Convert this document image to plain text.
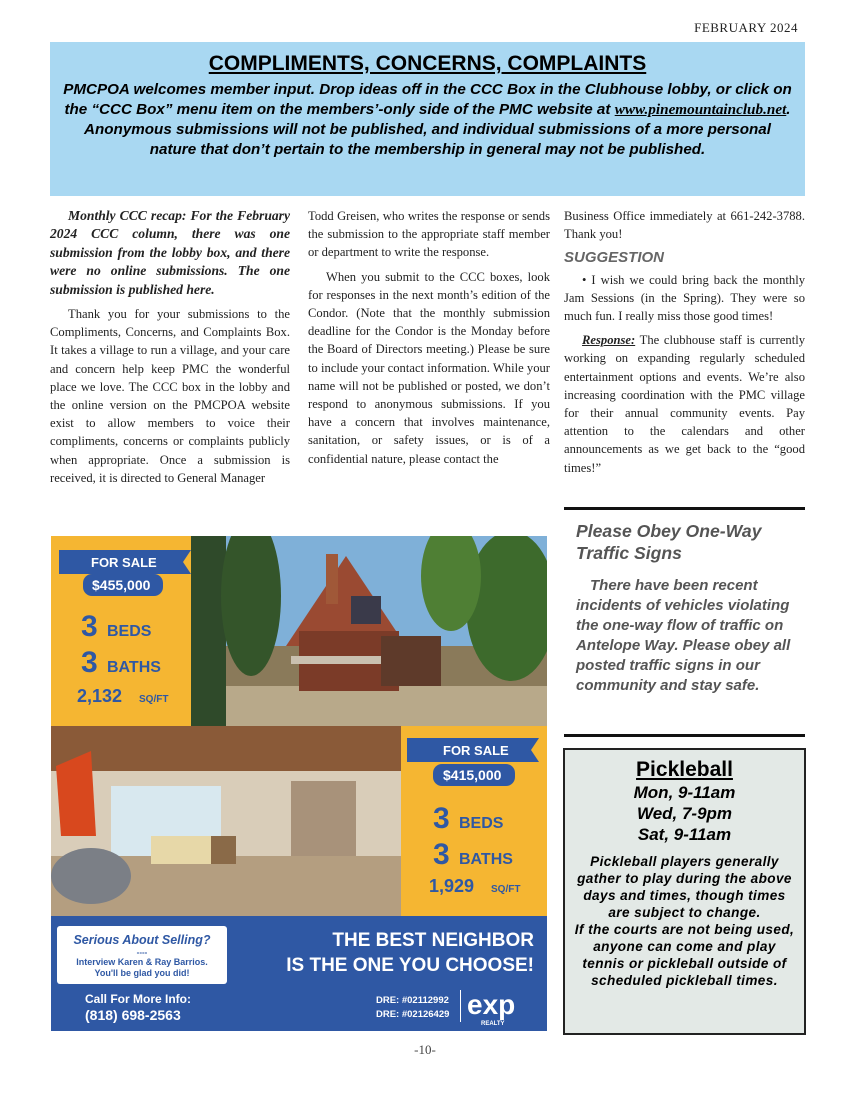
FEBRUARY 2024
COMPLIMENTS, CONCERNS, COMPLAINTS

PMCPOA welcomes member input. Drop ideas off in the CCC Box in the Clubhouse lobby, or click on the “CCC Box” menu item on the members’-only side of the PMC website at www.pinemountainclub.net. Anonymous submissions will not be published, and individual submissions of a more personal nature that don’t pertain to the membership in general may not be published.

Monthly CCC recap: For the February 2024 CCC column, there was one submission from the lobby box, and there were no online submissions. The one submission is published here.

Thank you for your submissions to the Compliments, Concerns, and Complaints Box. It takes a village to run a village, and your care and concern help keep PMC the wonderful place we love. The CCC box in the lobby and the online version on the PMCPOA website exist to allow members to voice their compliments, concerns or complaints publicly when appropriate. Once a submission is received, it is directed to General Manager

Todd Greisen, who writes the response or sends the submission to the appropriate staff member or department to write the response.

When you submit to the CCC boxes, look for responses in the next month’s edition of the Condor. (Note that the monthly submission deadline for the Condor is the Monday before the Board of Directors meeting.) Please be sure to include your contact information. While your name will not be published or posted, we don’t respond to anonymous submissions. If you have a concern that involves maintenance, sanitation, or safety issues, or is of a confidential nature, please contact the

Business Office immediately at 661-242-3788. Thank you!

SUGGESTION

• I wish we could bring back the monthly Jam Sessions (in the Spring). They were so much fun. I really miss those good times!

Response: The clubhouse staff is currently working on expanding regularly scheduled entertainment options and events. We’re also increasing coordination with the PMC village for their annual community events. Pay attention to the calendars and other announcements as we get back to the “good times!”

Please Obey One-Way Traffic Signs

There have been recent incidents of vehicles violating the one-way flow of traffic on Antelope Way. Please obey all posted traffic signs in our community and stay safe.

Pickleball
Mon, 9-11am
Wed, 7-9pm
Sat, 9-11am

Pickleball players generally gather to play during the above days and times, though times are subject to change.

If the courts are not being used, anyone can come and play tennis or pickleball outside of scheduled pickleball times.

FOR SALE
$455,000
3 BEDS
3 BATHS
2,132 SQ/FT
FOR SALE
$415,000
3 BEDS
3 BATHS
1,929 SQ/FT
Serious About Selling?
----
Interview Karen & Ray Barrios.
You'll be glad you did!
THE BEST NEIGHBOR
IS THE ONE YOU CHOOSE!
Call For More Info:
(818) 698-2563
DRE: #02112992
DRE: #02126429 exp
REALTY
-10-
